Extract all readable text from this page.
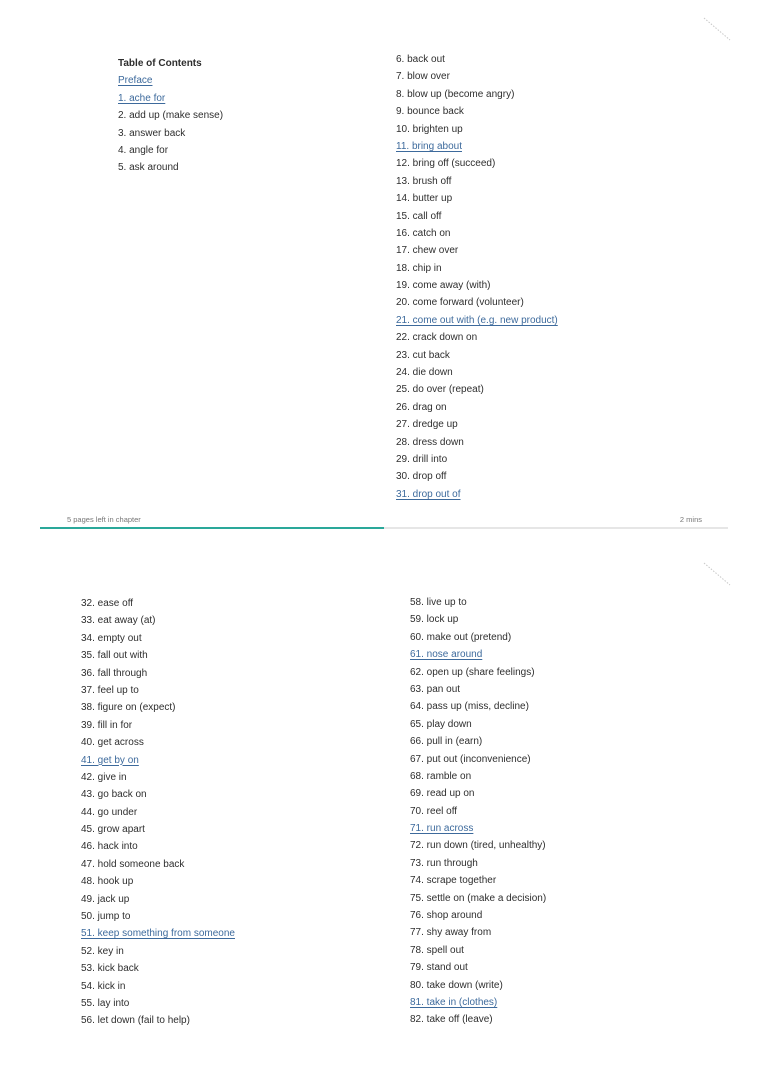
Table of Contents
Preface
1. ache for
2. add up (make sense)
3. answer back
4. angle for
5. ask around
6. back out
7. blow over
8. blow up (become angry)
9. bounce back
10. brighten up
11. bring about
12. bring off (succeed)
13. brush off
14. butter up
15. call off
16. catch on
17. chew over
18. chip in
19. come away (with)
20. come forward (volunteer)
21. come out with (e.g. new product)
22. crack down on
23. cut back
24. die down
25. do over (repeat)
26. drag on
27. dredge up
28. dress down
29. drill into
30. drop off
31. drop out of
5 pages left in chapter	2 mins
32. ease off
33. eat away (at)
34. empty out
35. fall out with
36. fall through
37. feel up to
38. figure on (expect)
39. fill in for
40. get across
41. get by on
42. give in
43. go back on
44. go under
45. grow apart
46. hack into
47. hold someone back
48. hook up
49. jack up
50. jump to
51. keep something from someone
52. key in
53. kick back
54. kick in
55. lay into
56. let down (fail to help)
58. live up to
59. lock up
60. make out (pretend)
61. nose around
62. open up (share feelings)
63. pan out
64. pass up (miss, decline)
65. play down
66. pull in (earn)
67. put out (inconvenience)
68. ramble on
69. read up on
70. reel off
71. run across
72. run down (tired, unhealthy)
73. run through
74. scrape together
75. settle on (make a decision)
76. shop around
77. shy away from
78. spell out
79. stand out
80. take down (write)
81. take in (clothes)
82. take off (leave)
